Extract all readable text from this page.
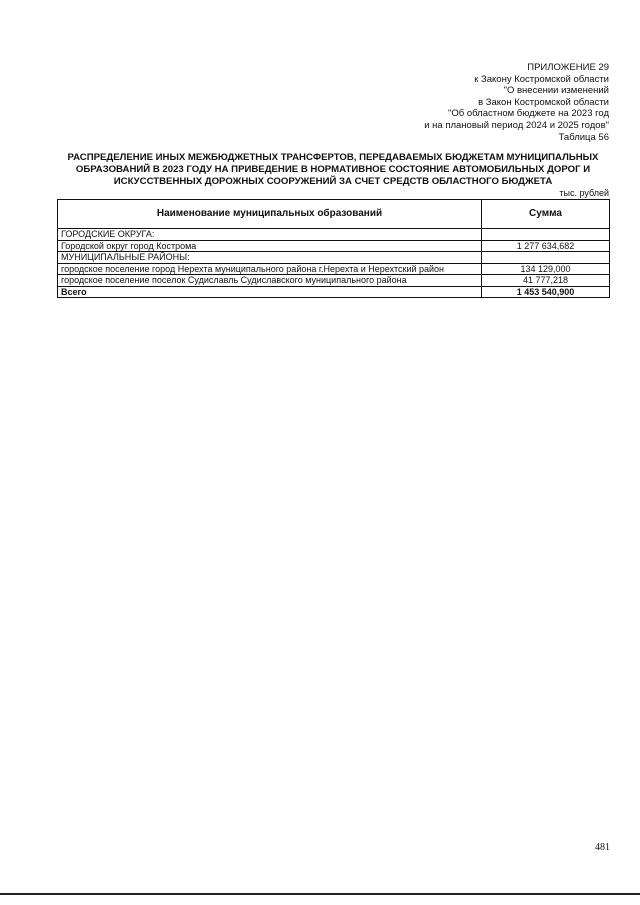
ПРИЛОЖЕНИЕ 29
к Закону Костромской области
"О внесении изменений
в Закон Костромской области
"Об областном бюджете на 2023 год
и на плановый период 2024 и 2025 годов"
Таблица 56
РАСПРЕДЕЛЕНИЕ ИНЫХ МЕЖБЮДЖЕТНЫХ ТРАНСФЕРТОВ, ПЕРЕДАВАЕМЫХ БЮДЖЕТАМ МУНИЦИПАЛЬНЫХ
ОБРАЗОВАНИЙ В 2023 ГОДУ НА ПРИВЕДЕНИЕ В НОРМАТИВНОЕ СОСТОЯНИЕ АВТОМОБИЛЬНЫХ ДОРОГ И
ИСКУССТВЕННЫХ ДОРОЖНЫХ СООРУЖЕНИЙ ЗА СЧЕТ СРЕДСТВ ОБЛАСТНОГО БЮДЖЕТА
тыс. рублей
Наименование муниципальных образований	Сумма
ГОРОДСКИЕ ОКРУГА:	
Городской округ город Кострома	1 277 634,682
МУНИЦИПАЛЬНЫЕ РАЙОНЫ:	
городское поселение город Нерехта муниципального района г.Нерехта и Нерехтский район	134 129,000
городское поселение поселок Судиславль Судиславского муниципального района	41 777,218
Всего	1 453 540,900
481
